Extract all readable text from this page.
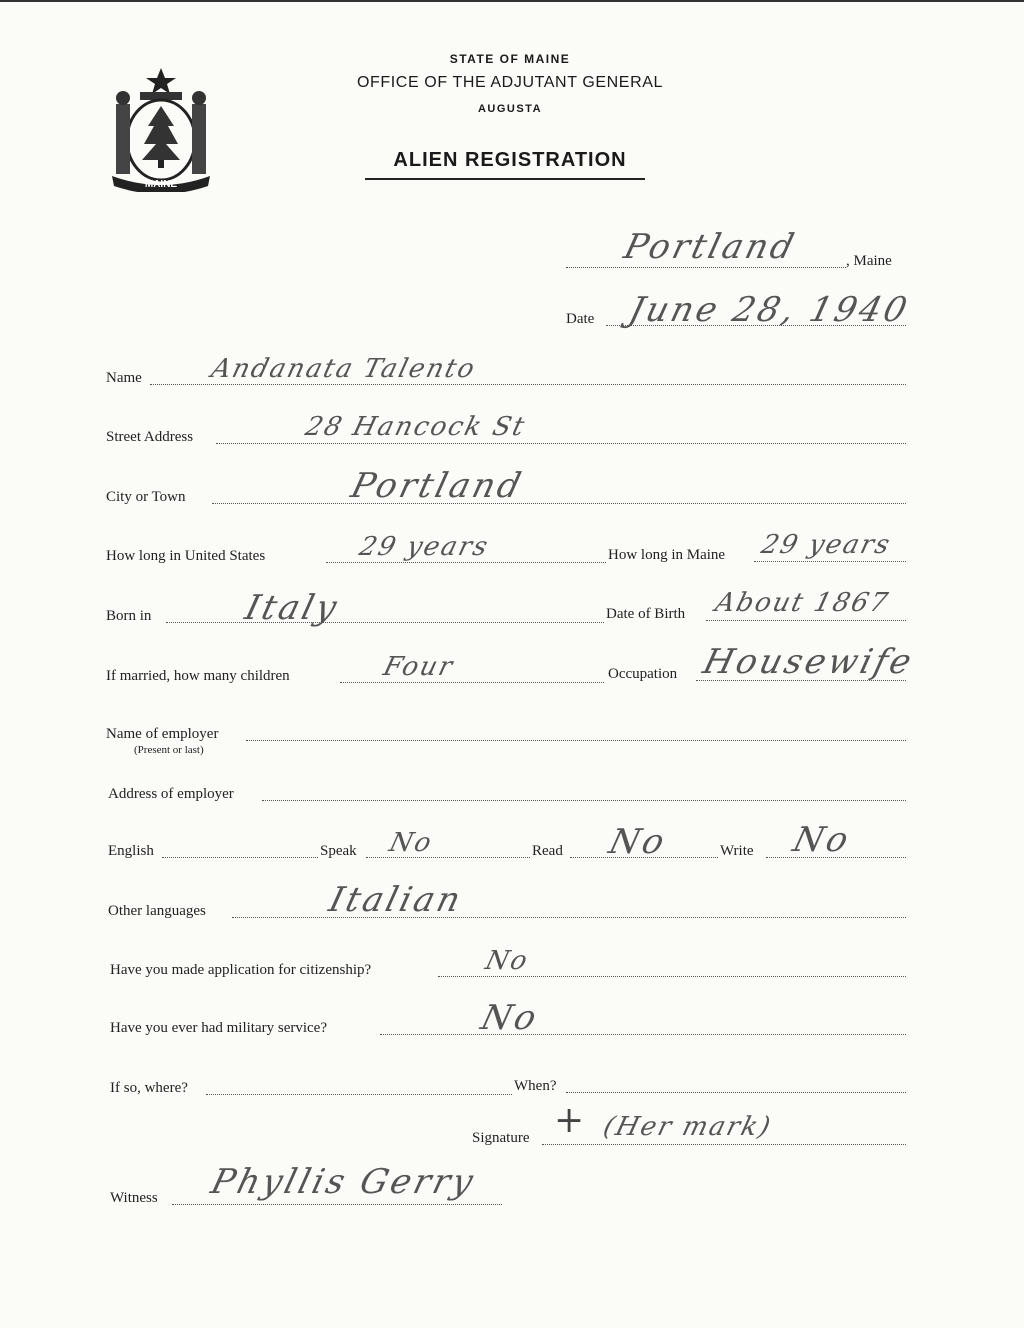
MAINE
STATE OF MAINE
OFFICE OF THE ADJUTANT GENERAL
AUGUSTA
ALIEN REGISTRATION
Portland	, Maine
Date June 28, 1940
Name	Andanata Talento
Street Address	28 Hancock St
City or Town	Portland
How long in United States	29 years	How long in Maine 29 years
Born in	Italy	Date of Birth About 1867
If married, how many children	Four	Occupation Housewife
Name of employer
(Present or last)
Address of employer
English	Speak No	Read No	Write No
Other languages	Italian
Have you made application for citizenship?	No
Have you ever had military service?	No
If so, where?	When?
Signature + (Her mark)
Witness Phyllis Gerry
